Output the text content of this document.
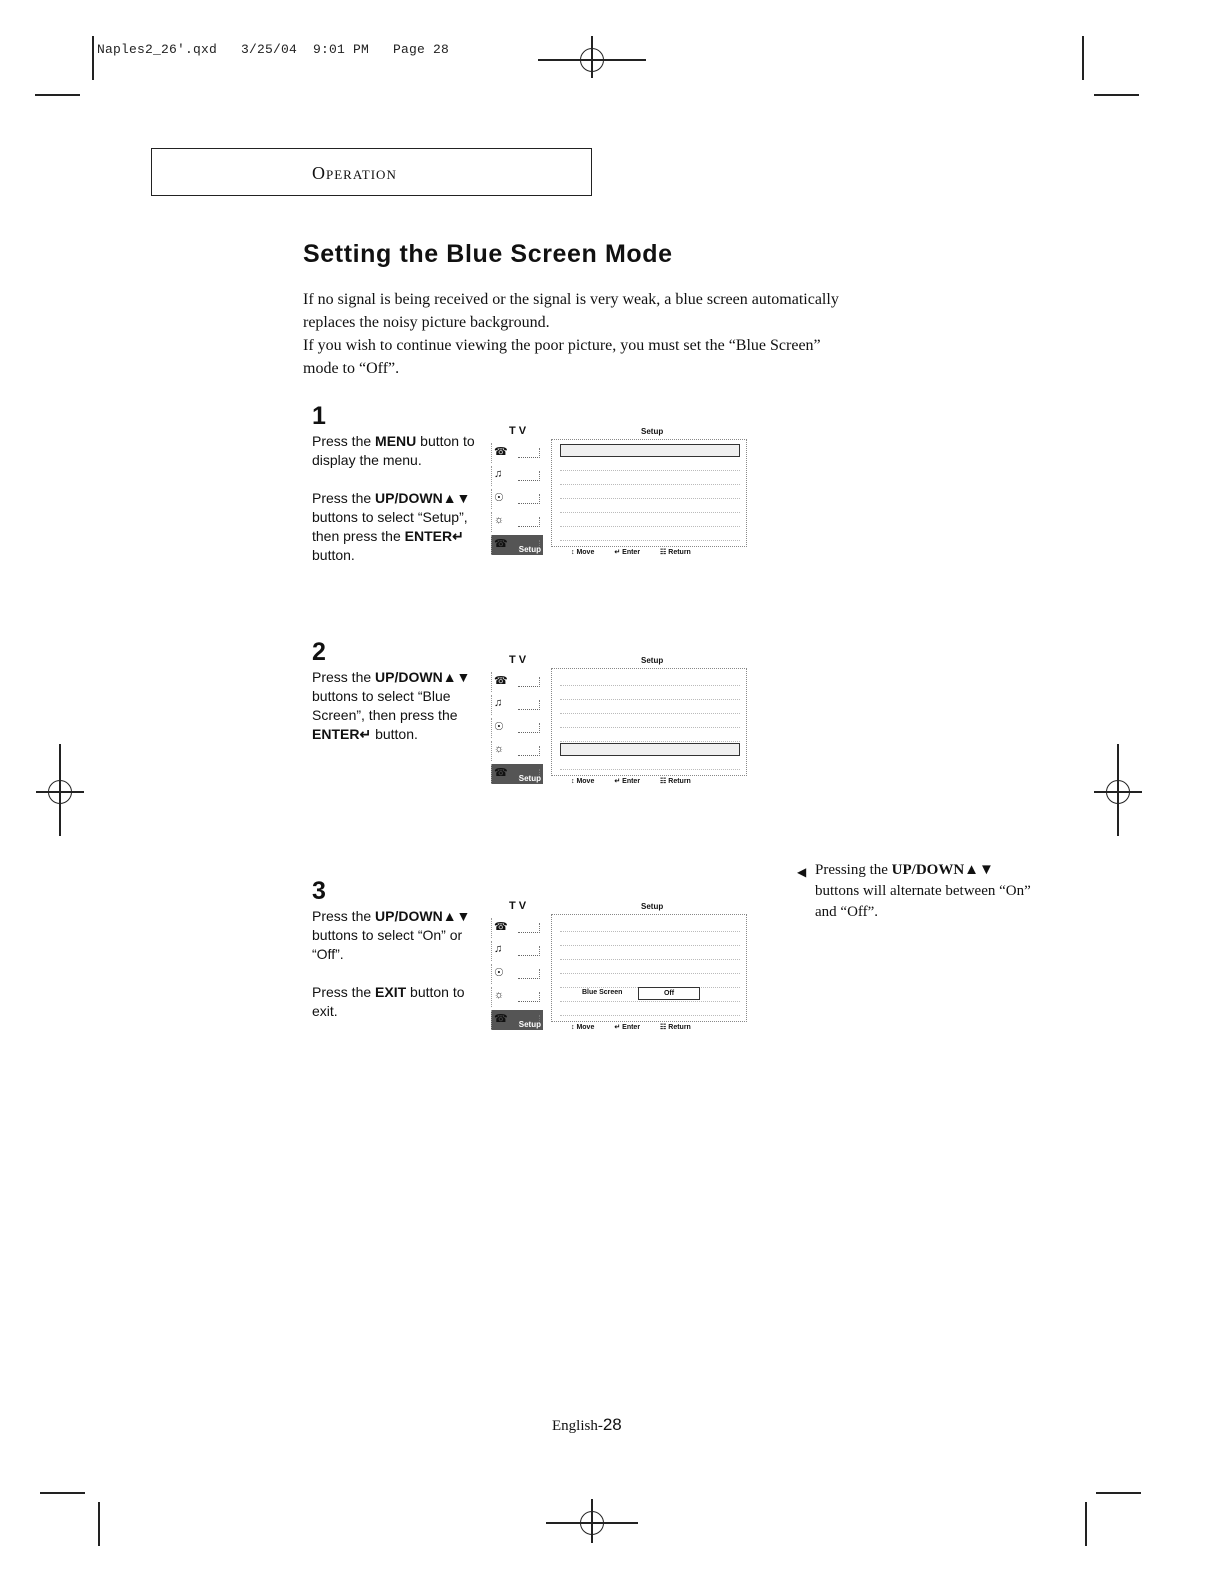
Naples2_26'.qxd   3/25/04  9:01 PM   Page 28
Operation
Setting the Blue Screen Mode

If no signal is being received or the signal is very weak, a blue screen automatically

replaces the noisy picture background.

If you wish to continue viewing the poor picture, you must set the “Blue Screen”

mode to “Off”.

1

Press the MENU button to display the menu.

Press the UP/DOWN▲▼ buttons to select “Setup”, then press the ENTER↵ button.

TV	Setup
☎
♫
☉
☼
☎ Setup	↕ Move	↵ Enter	☷ Return
2

Press the UP/DOWN▲▼ buttons to select “Blue Screen”, then press the ENTER↵ button.

TV	Setup
☎
♫
☉
☼
☎ Setup	↕ Move	↵ Enter	☷ Return
3

Press the UP/DOWN▲▼ buttons to select “On” or “Off”.

Press the EXIT button to exit.

TV	Setup
☎
♫
☉
☼
☎ Setup
Blue Screen	Off
↕ Move	↵ Enter	☷ Return
◀ Pressing the UP/DOWN▲▼ buttons will alternate between “On” and “Off”.
English-28
